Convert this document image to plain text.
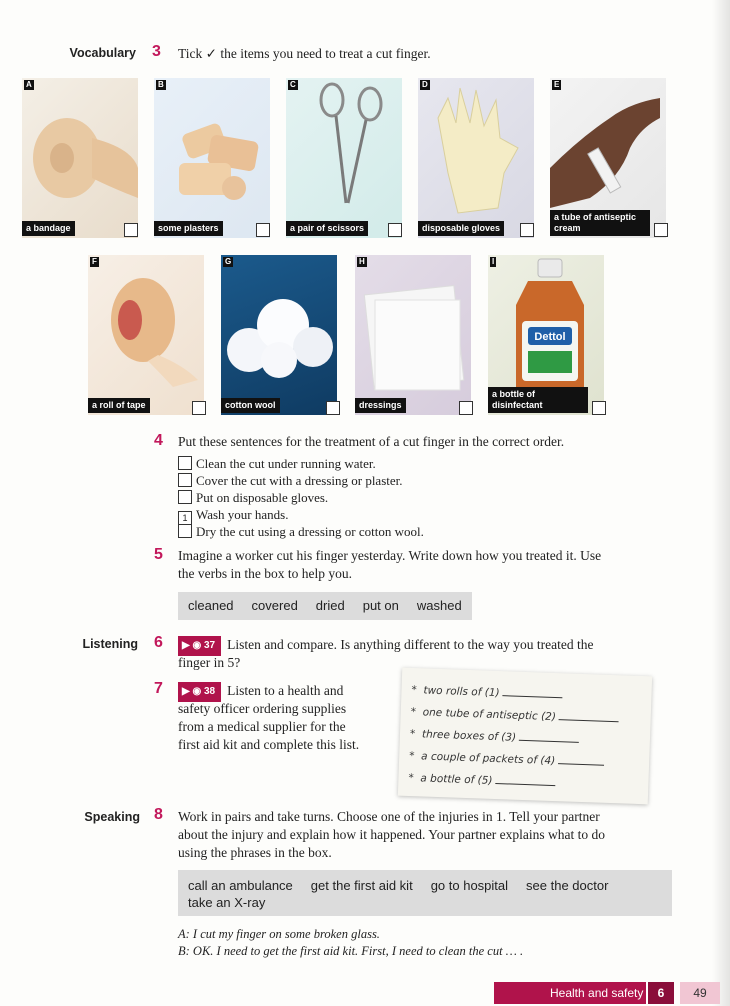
Vocabulary 3 Tick ✓ the items you need to treat a cut finger.
A
a bandage
B
some plasters
C
a pair of scissors
D
disposable gloves
E
a tube of antiseptic cream
F
a roll of tape
G
cotton wool
H
dressings
Dettol
I
a bottle of disinfectant
4 Put these sentences for the treatment of a cut finger in the correct order.
Clean the cut under running water.
Cover the cut with a dressing or plaster.
Put on disposable gloves.
1 Wash your hands.
Dry the cut using a dressing or cotton wool.
5 Imagine a worker cut his finger yesterday. Write down how you treated it. Use
the verbs in the box to help you.
cleaned covered dried put on washed
Listening 6	▶ ◉ 37 Listen and compare. Is anything different to the way you treated the
finger in 5?
7	▶ ◉ 38 Listen to a health and
safety officer ordering supplies
from a medical supplier for the
first aid kit and complete this list.
*  two rolls of (1)
*  one tube of antiseptic (2)
*  three boxes of (3)
*  a couple of packets of (4)
*  a bottle of (5)
Speaking 8 Work in pairs and take turns. Choose one of the injuries in 1. Tell your partner
about the injury and explain how it happened. Your partner explains what to do
using the phrases in the box.
call an ambulance get the first aid kit go to hospital see the doctor
take an X-ray
A: I cut my finger on some broken glass.
B: OK. I need to get the first aid kit. First, I need to clean the cut … .
Health and safety	6	49
